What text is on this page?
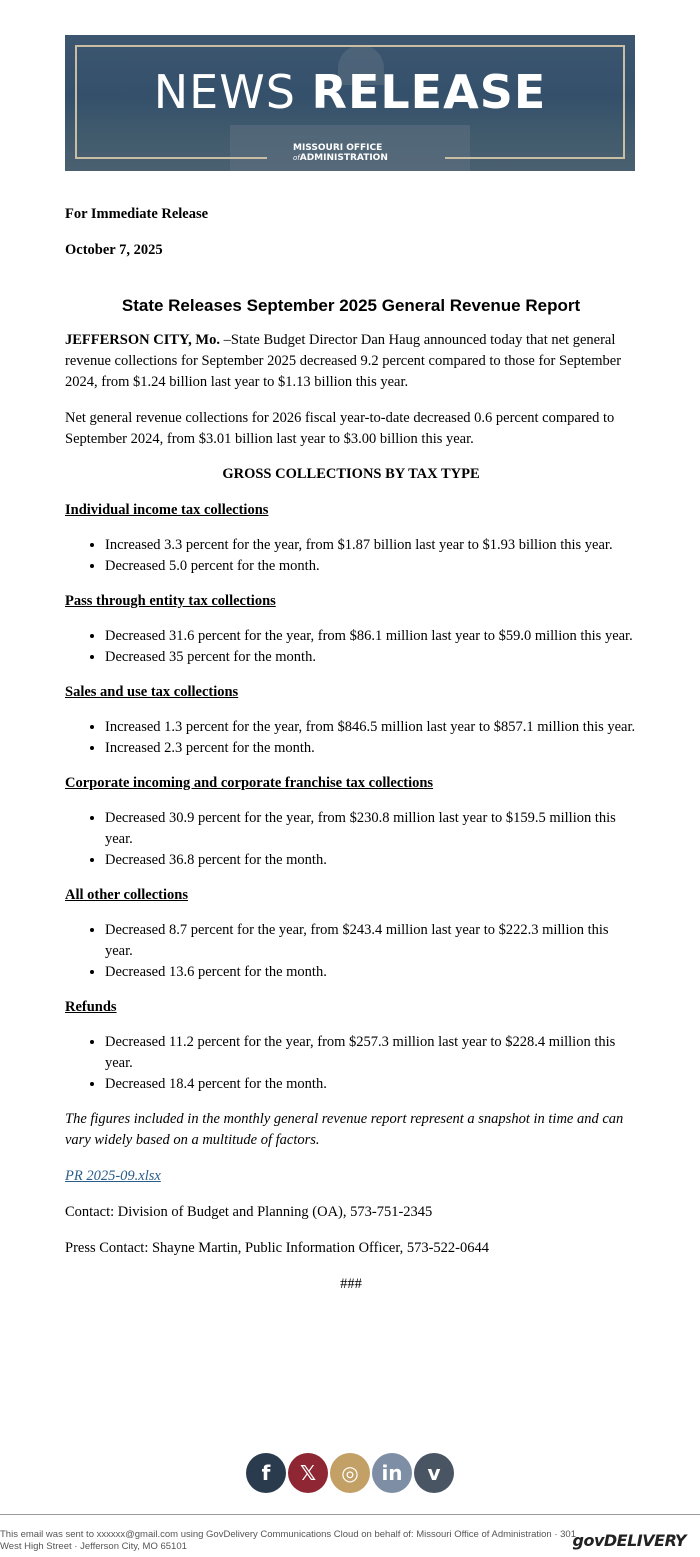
NEWS RELEASE
MISSOURI OFFICE
ofADMINISTRATION

For Immediate Release

October 7, 2025

State Releases September 2025 General Revenue Report

JEFFERSON CITY, Mo. –State Budget Director Dan Haug announced today that net general revenue collections for September 2025 decreased 9.2 percent compared to those for September 2024, from $1.24 billion last year to $1.13 billion this year.

Net general revenue collections for 2026 fiscal year-to-date decreased 0.6 percent compared to September 2024, from $3.01 billion last year to $3.00 billion this year.

GROSS COLLECTIONS BY TAX TYPE

Individual income tax collections

• Increased 3.3 percent for the year, from $1.87 billion last year to $1.93 billion this year.
• Decreased 5.0 percent for the month.

Pass through entity tax collections

• Decreased 31.6 percent for the year, from $86.1 million last year to $59.0 million this year.
• Decreased 35 percent for the month.

Sales and use tax collections

• Increased 1.3 percent for the year, from $846.5 million last year to $857.1 million this year.
• Increased 2.3 percent for the month.

Corporate incoming and corporate franchise tax collections

• Decreased 30.9 percent for the year, from $230.8 million last year to $159.5 million this year.
• Decreased 36.8 percent for the month.

All other collections

• Decreased 8.7 percent for the year, from $243.4 million last year to $222.3 million this year.
• Decreased 13.6 percent for the month.

Refunds

• Decreased 11.2 percent for the year, from $257.3 million last year to $228.4 million this year.
• Decreased 18.4 percent for the month.

The figures included in the monthly general revenue report represent a snapshot in time and can vary widely based on a multitude of factors.

PR 2025-09.xlsx

Contact: Division of Budget and Planning (OA), 573-751-2345

Press Contact: Shayne Martin, Public Information Officer, 573-522-0644

###

f 𝕏 ◎ in v
This email was sent to xxxxxx@gmail.com using GovDelivery Communications Cloud on behalf of: Missouri Office of Administration · 301 West High Street · Jefferson City, MO 65101	govDELIVERY
